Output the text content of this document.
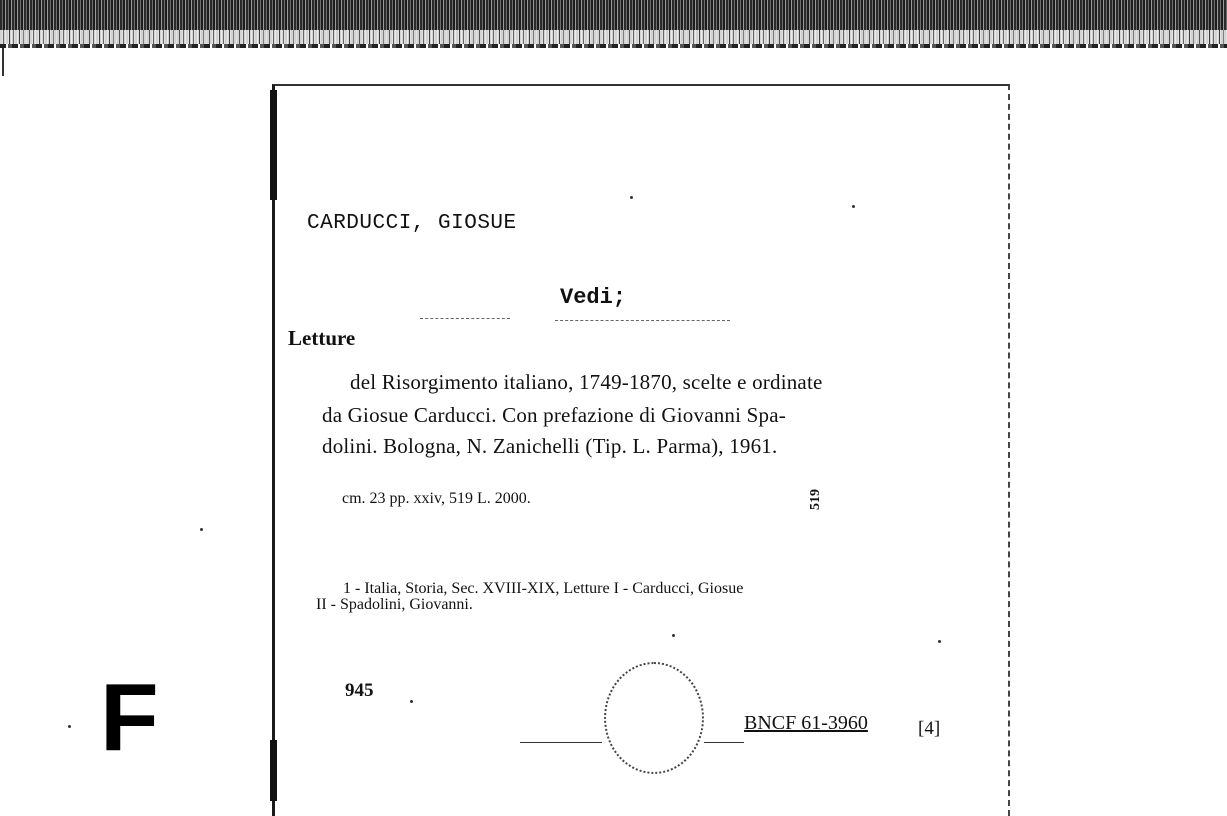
CARDUCCI, GIOSUE
Vedi;
Letture
del Risorgimento italiano, 1749-1870, scelte e ordinate
da Giosue Carducci. Con prefazione di Giovanni Spa-
dolini. Bologna, N. Zanichelli (Tip. L. Parma), 1961.
cm. 23 pp. xxiv, 519 L. 2000.	519
1 - Italia, Storia, Sec. XVIII-XIX, Letture I - Carducci, Giosue
II - Spadolini, Giovanni.
945
BNCF 61-3960	[4]
F
